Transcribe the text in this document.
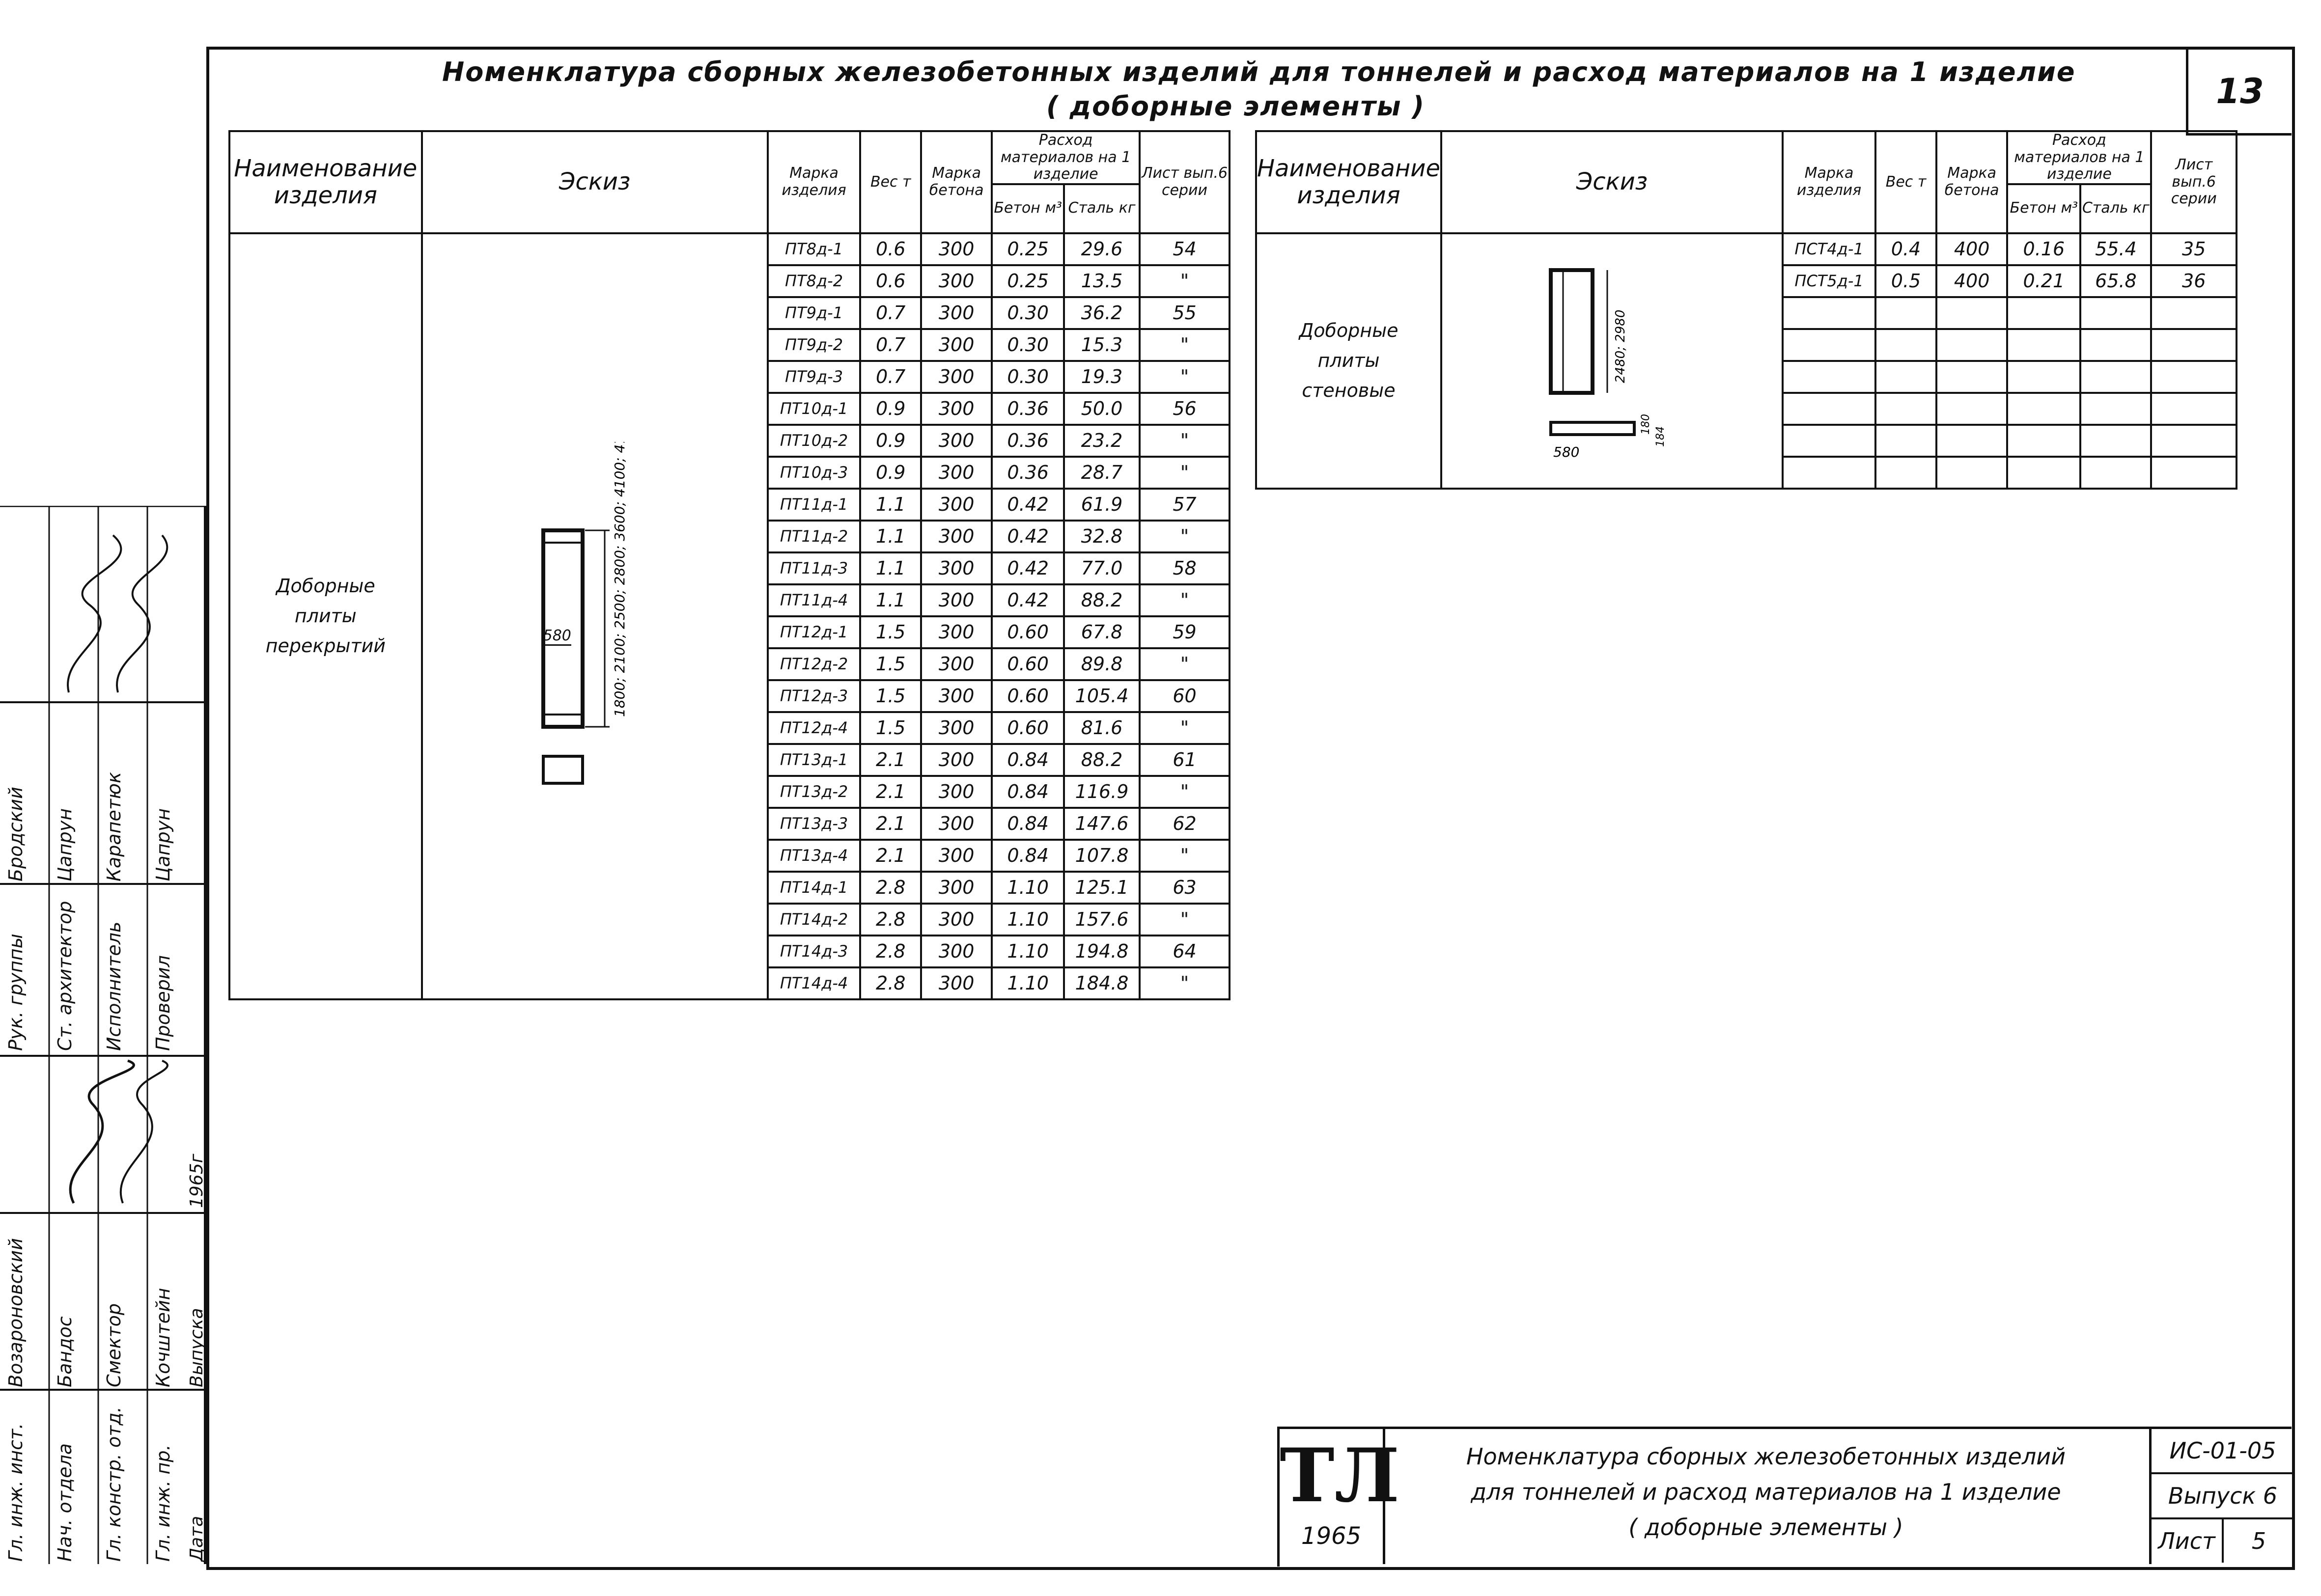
Номенклатура сборных железобетонных изделий для тоннелей и расход материалов на 1 изделие
( доборные элементы )	13
Наименование изделия	Эскиз	Марка изделия	Вес т	Марка бетона	Расход материалов на 1 изделие		Лист вып.6 серии
					Бетон м³	Сталь кг	

Доборные плиты перекрытий	1800; 2100; 2500; 2800; 3600; 4100; 4700
580	ПТ8д-1	0.6	300	0.25	29.6	54
		ПТ8д-2	0.6	300	0.25	13.5	"
		ПТ9д-1	0.7	300	0.30	36.2	55
		ПТ9д-2	0.7	300	0.30	15.3	"
		ПТ9д-3	0.7	300	0.30	19.3	"
		ПТ10д-1	0.9	300	0.36	50.0	56
		ПТ10д-2	0.9	300	0.36	23.2	"
		ПТ10д-3	0.9	300	0.36	28.7	"
		ПТ11д-1	1.1	300	0.42	61.9	57
		ПТ11д-2	1.1	300	0.42	32.8	"
		ПТ11д-3	1.1	300	0.42	77.0	58
		ПТ11д-4	1.1	300	0.42	88.2	"
		ПТ12д-1	1.5	300	0.60	67.8	59
		ПТ12д-2	1.5	300	0.60	89.8	"
		ПТ12д-3	1.5	300	0.60	105.4	60
		ПТ12д-4	1.5	300	0.60	81.6	"
		ПТ13д-1	2.1	300	0.84	88.2	61
		ПТ13д-2	2.1	300	0.84	116.9	"
		ПТ13д-3	2.1	300	0.84	147.6	62
		ПТ13д-4	2.1	300	0.84	107.8	"
		ПТ14д-1	2.8	300	1.10	125.1	63
		ПТ14д-2	2.8	300	1.10	157.6	"
		ПТ14д-3	2.8	300	1.10	194.8	64
		ПТ14д-4	2.8	300	1.10	184.8	"
Наименование изделия	Эскиз	Марка изделия	Вес т	Марка бетона	Расход материалов на 1 изделие		Лист вып.6 серии
					Бетон м³	Сталь кг	

Доборные плиты стеновые	2480; 2980
180
184
580	ПСТ4д-1	0.4	400	0.16	55.4	35
		ПСТ5д-1	0.5	400	0.21	65.8	36

ТЛ
1965
Номенклатура сборных железобетонных изделий
для тоннелей и расход материалов на 1 изделие
( доборные элементы )
ИС-01-05
Выпуск 6
Лист	5
Гл. инж. инст. Нач. отдела Гл. констр. отд. Гл. инж. пр.
Возароновский Бандос Смектор Кочштейн
Рук. группы Ст. архитектор Исполнитель Проверил
Бродский Цапрун Карапетюк Цапрун
Дата
Выпуска
1965г
